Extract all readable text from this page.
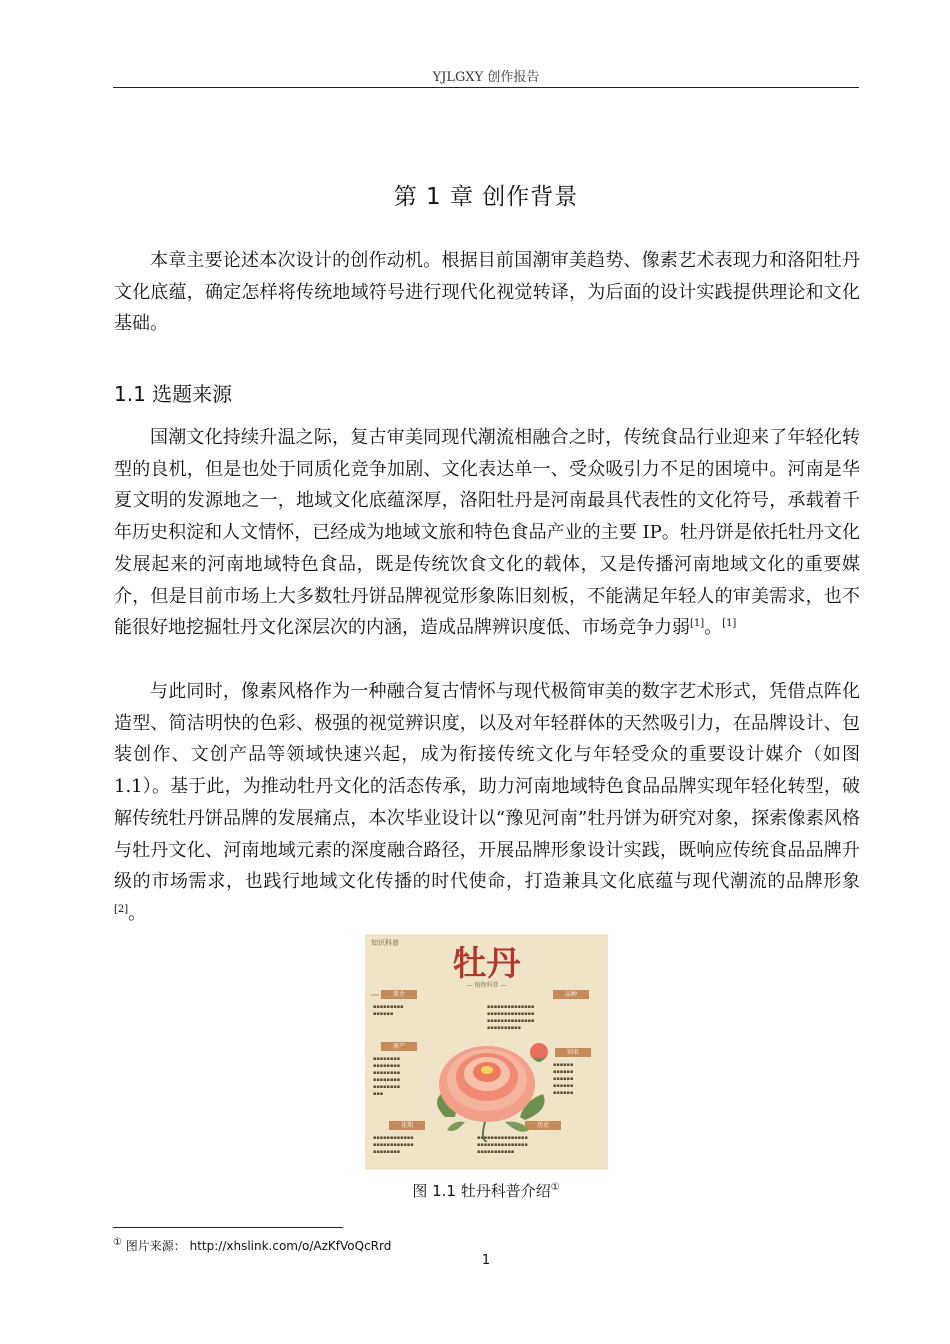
YJLGXY 创作报告
第 1 章 创作背景

本章主要论述本次设计的创作动机。根据目前国潮审美趋势、像素艺术表现力和洛阳牡丹文化底蕴，确定怎样将传统地域符号进行现代化视觉转译，为后面的设计实践提供理论和文化基础。

1.1 选题来源

国潮文化持续升温之际，复古审美同现代潮流相融合之时，传统食品行业迎来了年轻化转型的良机，但是也处于同质化竞争加剧、文化表达单一、受众吸引力不足的困境中。河南是华夏文明的发源地之一，地域文化底蕴深厚，洛阳牡丹是河南最具代表性的文化符号，承载着千年历史积淀和人文情怀，已经成为地域文旅和特色食品产业的主要 IP。牡丹饼是依托牡丹文化发展起来的河南地域特色食品，既是传统饮食文化的载体，又是传播河南地域文化的重要媒介，但是目前市场上大多数牡丹饼品牌视觉形象陈旧刻板，不能满足年轻人的审美需求，也不能很好地挖掘牡丹文化深层次的内涵，造成品牌辨识度低、市场竞争力弱[1]。[1]

与此同时，像素风格作为一种融合复古情怀与现代极简审美的数字艺术形式，凭借点阵化造型、简洁明快的色彩、极强的视觉辨识度，以及对年轻群体的天然吸引力，在品牌设计、包装创作、文创产品等领域快速兴起，成为衔接传统文化与年轻受众的重要设计媒介（如图 1.1）。基于此，为推动牡丹文化的活态传承，助力河南地域特色食品品牌实现年轻化转型，破解传统牡丹饼品牌的发展痛点，本次毕业设计以“豫见河南”牡丹饼为研究对象，探索像素风格与牡丹文化、河南地域元素的深度融合路径，开展品牌形象设计实践，既响应传统食品品牌升级的市场需求，也践行地域文化传播的时代使命，打造兼具文化底蕴与现代潮流的品牌形象[2]。

知识科普
牡丹
— 植物科普 —
简介	品种
原产
别名
花期	历史
▪▪▪▪▪▪▪▪▪
▪▪▪▪▪▪
▪▪▪▪▪▪▪▪▪▪▪▪▪▪
▪▪▪▪▪▪▪▪▪▪▪▪▪▪
▪▪▪▪▪▪▪▪▪▪▪▪▪▪
▪▪▪▪▪▪▪▪▪▪
▪▪▪▪▪▪▪▪
▪▪▪▪▪▪▪▪
▪▪▪▪▪▪▪▪
▪▪▪▪▪▪▪▪
▪▪▪▪▪▪▪▪
▪▪▪
▪▪▪▪▪▪
▪▪▪▪▪▪
▪▪▪▪▪▪
▪▪▪▪▪▪
▪▪▪▪▪▪
▪▪▪▪▪▪▪▪▪▪▪▪
▪▪▪▪▪▪▪▪▪▪▪▪
▪▪▪▪▪▪▪▪
▪▪▪▪▪▪▪▪▪▪▪▪▪▪▪
▪▪▪▪▪▪▪▪▪▪▪▪▪▪▪
▪▪▪▪▪▪▪▪▪▪▪
图 1.1 牡丹科普介绍①
① 图片来源： http://xhslink.com/o/AzKfVoQcRrd
1
